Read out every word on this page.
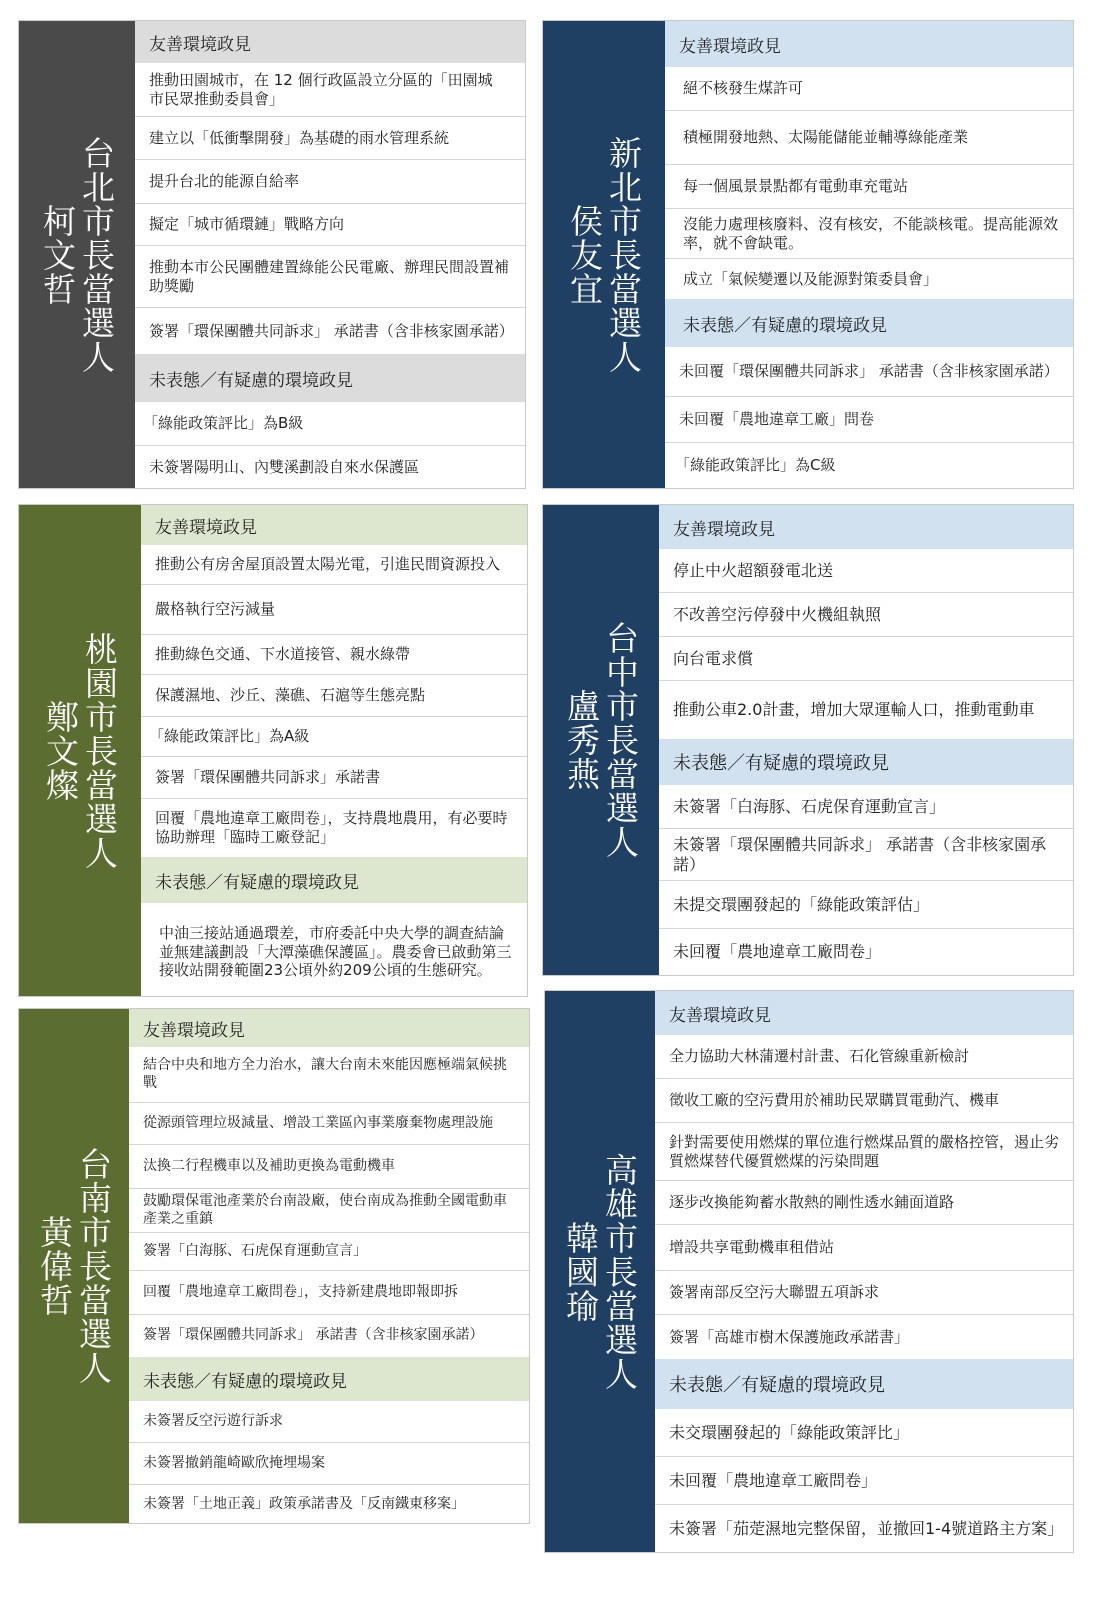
台北市長當選人
柯文哲
友善環境政見
推動田園城市，在 12 個行政區設立分區的「田園城　市民眾推動委員會」
建立以「低衝擊開發」為基礎的雨水管理系統
提升台北的能源自給率
擬定「城市循環鏈」戰略方向
推動本市公民團體建置綠能公民電廠、辦理民間設置補助獎勵
簽署「環保團體共同訴求」 承諾書（含非核家園承諾）
未表態／有疑慮的環境政見
「綠能政策評比」為B級
未簽署陽明山、內雙溪劃設自來水保護區
新北市長當選人
侯友宜
友善環境政見
絕不核發生煤許可
積極開發地熱、太陽能儲能並輔導綠能產業
每一個風景景點都有電動車充電站
沒能力處理核廢料、沒有核安，不能談核電。提高能源效率，就不會缺電。
成立「氣候變遷以及能源對策委員會」
未表態／有疑慮的環境政見
未回覆「環保團體共同訴求」 承諾書（含非核家園承諾）
未回覆「農地違章工廠」問卷
「綠能政策評比」為C級
桃園市長當選人
鄭文燦
友善環境政見
推動公有房舍屋頂設置太陽光電，引進民間資源投入
嚴格執行空污減量
推動綠色交通、下水道接管、親水綠帶
保護濕地、沙丘、藻礁、石滬等生態亮點
「綠能政策評比」為A級
簽署「環保團體共同訴求」承諾書
回覆「農地違章工廠問卷」，支持農地農用，有必要時協助辦理「臨時工廠登記」
未表態／有疑慮的環境政見
中油三接站通過環差，市府委託中央大學的調查結論並無建議劃設「大潭藻礁保護區」。農委會已啟動第三接收站開發範圍23公頃外約209公頃的生態研究。
台中市長當選人
盧秀燕
友善環境政見
停止中火超額發電北送
不改善空污停發中火機組執照
向台電求償
推動公車2.0計畫，增加大眾運輸人口，推動電動車
未表態／有疑慮的環境政見
未簽署「白海豚、石虎保育運動宣言」
未簽署「環保團體共同訴求」 承諾書（含非核家園承諾）
未提交環團發起的「綠能政策評估」
未回覆「農地違章工廠問卷」
台南市長當選人
黃偉哲
友善環境政見
結合中央和地方全力治水，讓大台南未來能因應極端氣候挑戰
從源頭管理垃圾減量、增設工業區內事業廢棄物處理設施
汰換二行程機車以及補助更換為電動機車
鼓勵環保電池產業於台南設廠，使台南成為推動全國電動車產業之重鎮
簽署「白海豚、石虎保育運動宣言」
回覆「農地違章工廠問卷」，支持新建農地即報即拆
簽署「環保團體共同訴求」 承諾書（含非核家園承諾）
未表態／有疑慮的環境政見
未簽署反空污遊行訴求
未簽署撤銷龍崎歐欣掩埋場案
未簽署「土地正義」政策承諾書及「反南鐵東移案」
高雄市長當選人
韓國瑜
友善環境政見
全力協助大林蒲遷村計畫、石化管線重新檢討
徵收工廠的空污費用於補助民眾購買電動汽、機車
針對需要使用燃煤的單位進行燃煤品質的嚴格控管，遏止劣質燃煤替代優質燃煤的污染問題
逐步改換能夠蓄水散熱的剛性透水鋪面道路
增設共享電動機車租借站
簽署南部反空污大聯盟五項訴求
簽署「高雄市樹木保護施政承諾書」
未表態／有疑慮的環境政見
未交環團發起的「綠能政策評比」
未回覆「農地違章工廠問卷」
未簽署「茄萣濕地完整保留，並撤回1-4號道路主方案」
